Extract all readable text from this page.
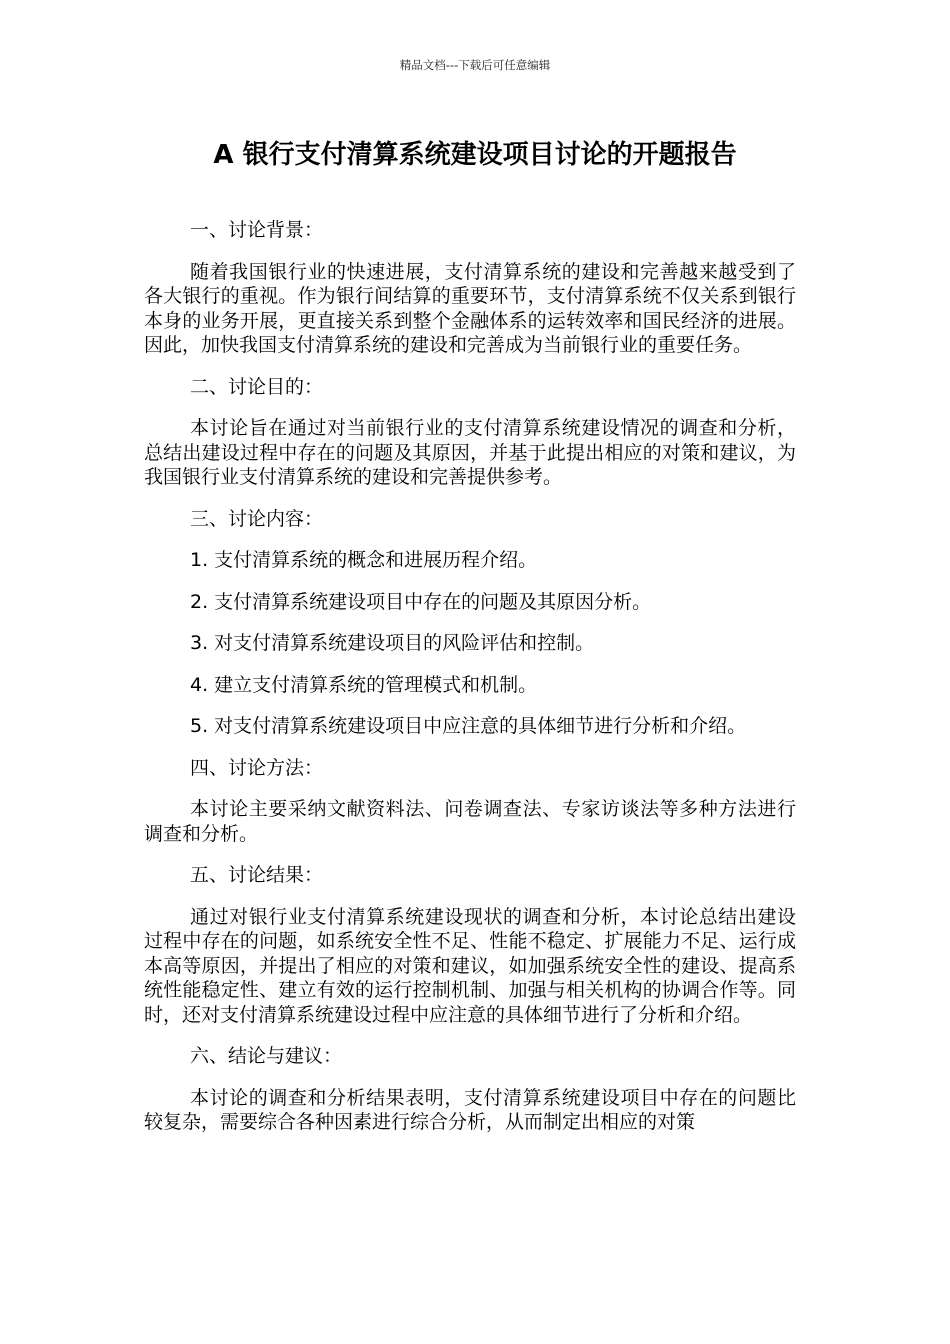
精品文档---下载后可任意编辑
A 银行支付清算系统建设项目讨论的开题报告

一、讨论背景：

随着我国银行业的快速进展，支付清算系统的建设和完善越来越受到了各大银行的重视。作为银行间结算的重要环节，支付清算系统不仅关系到银行本身的业务开展，更直接关系到整个金融体系的运转效率和国民经济的进展。因此，加快我国支付清算系统的建设和完善成为当前银行业的重要任务。

二、讨论目的：

本讨论旨在通过对当前银行业的支付清算系统建设情况的调查和分析，总结出建设过程中存在的问题及其原因，并基于此提出相应的对策和建议，为我国银行业支付清算系统的建设和完善提供参考。

三、讨论内容：

1. 支付清算系统的概念和进展历程介绍。

2. 支付清算系统建设项目中存在的问题及其原因分析。

3. 对支付清算系统建设项目的风险评估和控制。

4. 建立支付清算系统的管理模式和机制。

5. 对支付清算系统建设项目中应注意的具体细节进行分析和介绍。

四、讨论方法：

本讨论主要采纳文献资料法、问卷调查法、专家访谈法等多种方法进行调查和分析。

五、讨论结果：

通过对银行业支付清算系统建设现状的调查和分析，本讨论总结出建设过程中存在的问题，如系统安全性不足、性能不稳定、扩展能力不足、运行成本高等原因，并提出了相应的对策和建议，如加强系统安全性的建设、提高系统性能稳定性、建立有效的运行控制机制、加强与相关机构的协调合作等。同时，还对支付清算系统建设过程中应注意的具体细节进行了分析和介绍。

六、结论与建议：

本讨论的调查和分析结果表明，支付清算系统建设项目中存在的问题比较复杂，需要综合各种因素进行综合分析，从而制定出相应的对策
